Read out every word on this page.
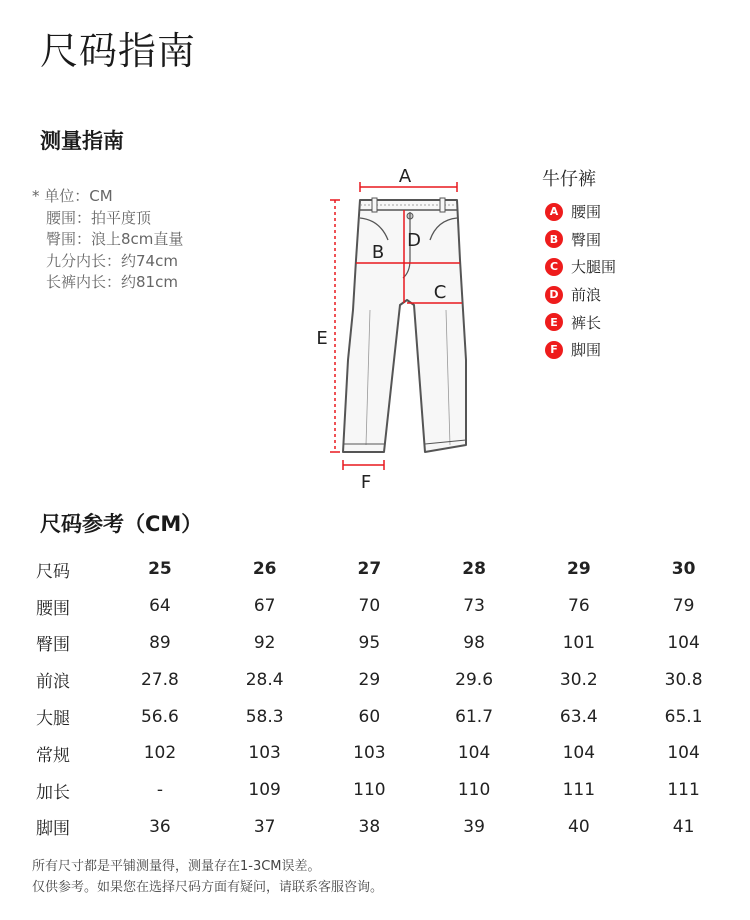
尺码指南
测量指南
* 单位：CM
腰围：拍平度顶
臀围：浪上8cm直量
九分内长：约74cm
长裤内长：约81cm
A
B
D
C
E
F
牛仔裤
A 腰围
B 臀围
C 大腿围
D 前浪
E 裤长
F 脚围
尺码参考（CM）
尺码	25	26	27	28	29	30
腰围	64	67	70	73	76	79
臀围	89	92	95	98	101	104
前浪	27.8	28.4	29	29.6	30.2	30.8
大腿	56.6	58.3	60	61.7	63.4	65.1
常规	102	103	103	104	104	104
加长	-	109	110	110	111	111
脚围	36	37	38	39	40	41
所有尺寸都是平铺测量得，测量存在1-3CM误差。
仅供参考。如果您在选择尺码方面有疑问，请联系客服咨询。
